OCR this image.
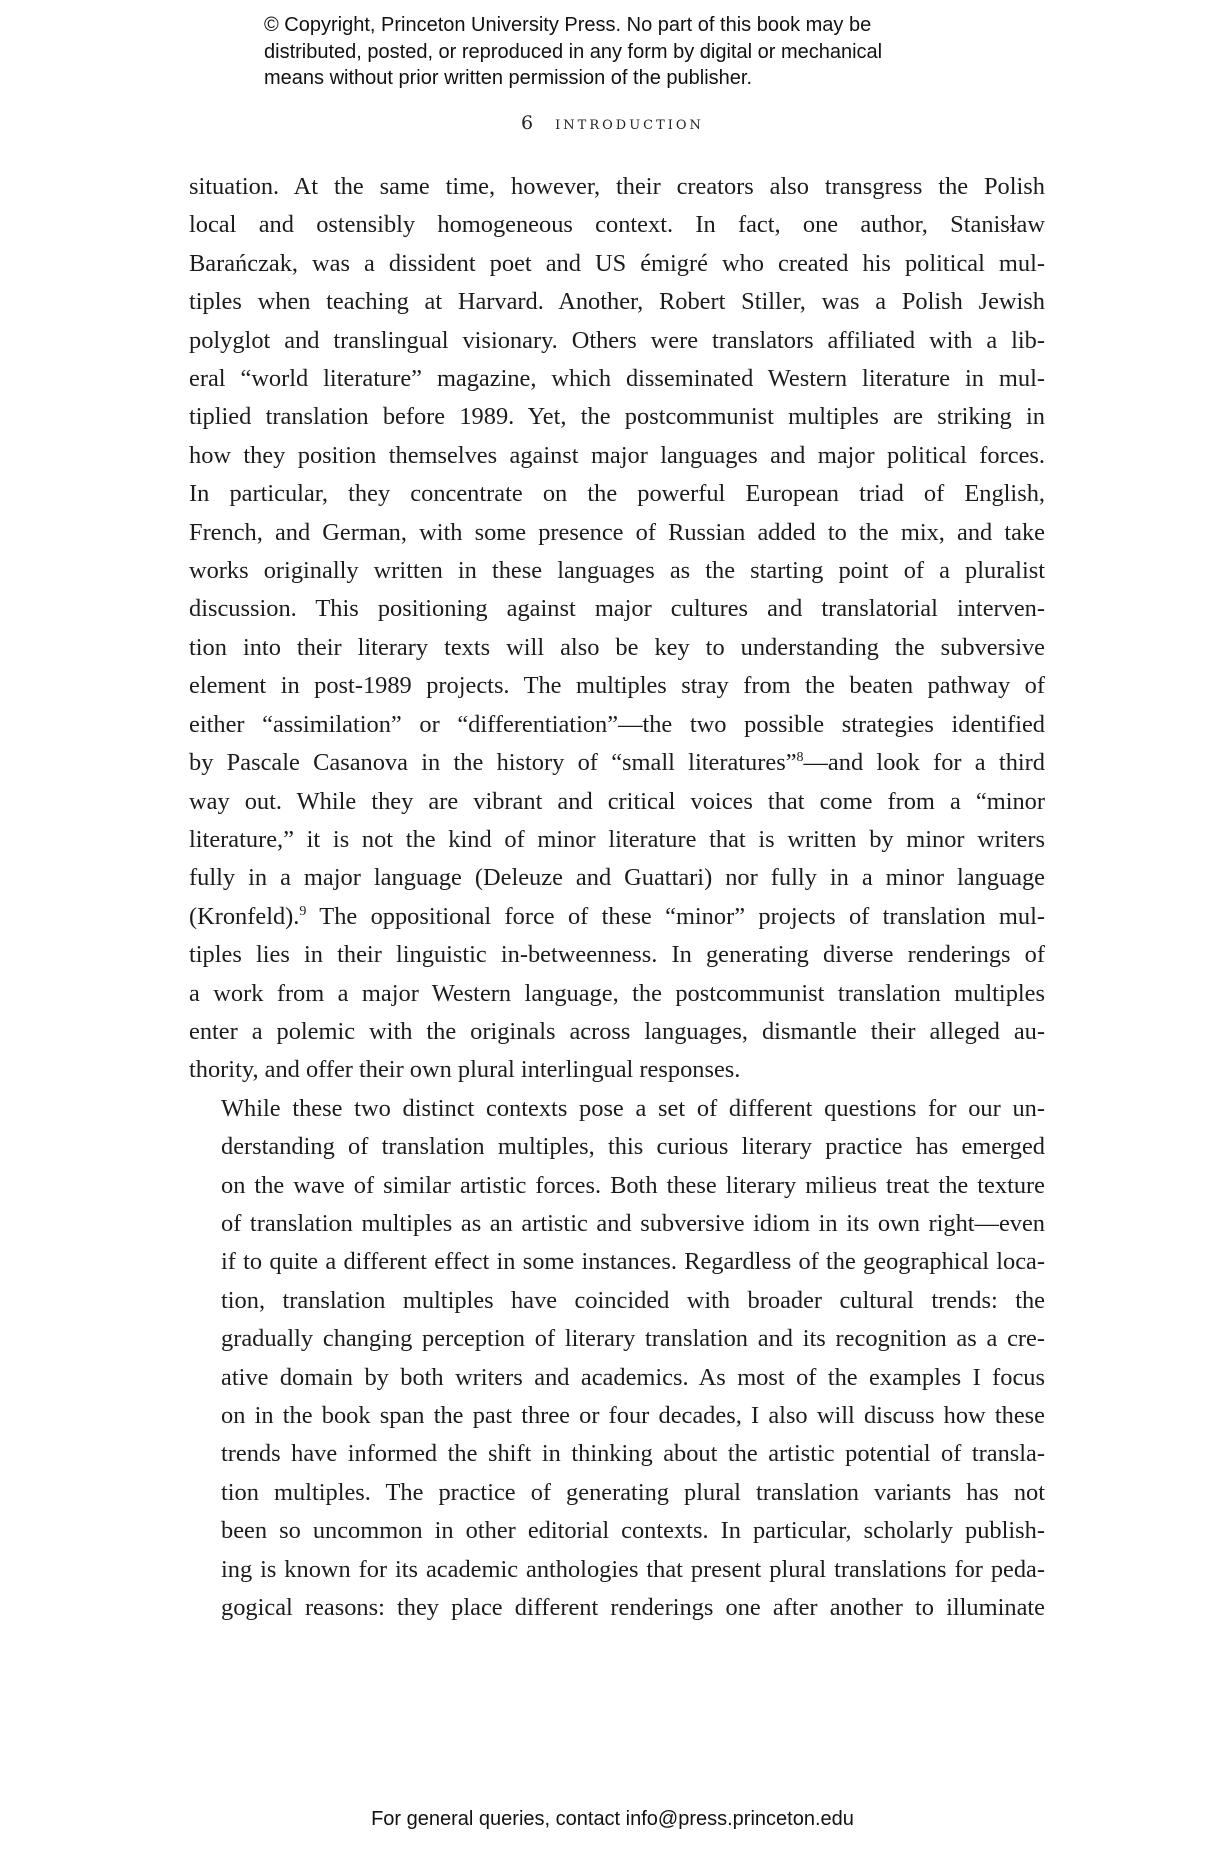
© Copyright, Princeton University Press. No part of this book may be
distributed, posted, or reproduced in any form by digital or mechanical
means without prior written permission of the publisher.
6 introduction

situation. At the same time, however, their creators also transgress the Polish
local and ostensibly homogeneous context. In fact, one author, Stanisław
Barańczak, was a dissident poet and US émigré who created his political mul-
tiples when teaching at Harvard. Another, Robert Stiller, was a Polish Jewish
polyglot and translingual visionary. Others were translators affiliated with a lib-
eral “world literature” magazine, which disseminated Western literature in mul-
tiplied translation before 1989. Yet, the postcommunist multiples are striking in
how they position themselves against major languages and major political forces.
In particular, they concentrate on the powerful European triad of English,
French, and German, with some presence of Russian added to the mix, and take
works originally written in these languages as the starting point of a pluralist
discussion. This positioning against major cultures and translatorial interven-
tion into their literary texts will also be key to understanding the subversive
element in post-1989 projects. The multiples stray from the beaten pathway of
either “assimilation” or “differentiation”—the two possible strategies identified
by Pascale Casanova in the history of “small literatures”$^8$—and look for a third
way out. While they are vibrant and critical voices that come from a “minor
literature,” it is not the kind of minor literature that is written by minor writers
fully in a major language (Deleuze and Guattari) nor fully in a minor language
(Kronfeld).$^9$ The oppositional force of these “minor” projects of translation mul-
tiples lies in their linguistic in-betweenness. In generating diverse renderings of
a work from a major Western language, the postcommunist translation multiples
enter a polemic with the originals across languages, dismantle their alleged au-
thority, and offer their own plural interlingual responses.

While these two distinct contexts pose a set of different questions for our un-
derstanding of translation multiples, this curious literary practice has emerged
on the wave of similar artistic forces. Both these literary milieus treat the texture
of translation multiples as an artistic and subversive idiom in its own right—even
if to quite a different effect in some instances. Regardless of the geographical loca-
tion, translation multiples have coincided with broader cultural trends: the
gradually changing perception of literary translation and its recognition as a cre-
ative domain by both writers and academics. As most of the examples I focus
on in the book span the past three or four decades, I also will discuss how these
trends have informed the shift in thinking about the artistic potential of transla-
tion multiples. The practice of generating plural translation variants has not
been so uncommon in other editorial contexts. In particular, scholarly publish-
ing is known for its academic anthologies that present plural translations for peda-
gogical reasons: they place different renderings one after another to illuminate

For general queries, contact info@press.princeton.edu
